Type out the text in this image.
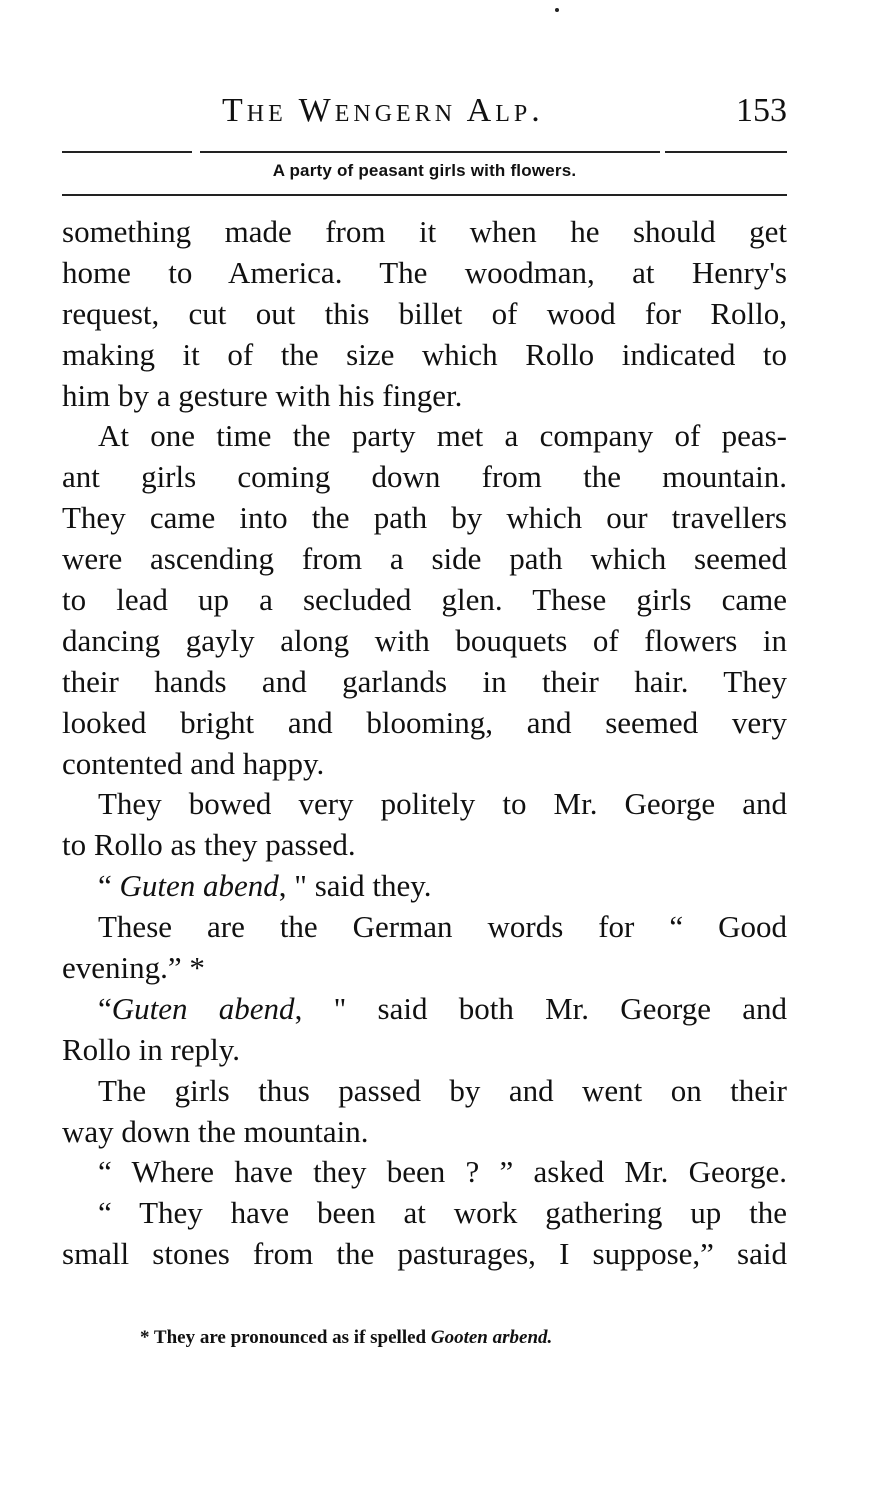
The Wengern Alp.	153
A party of peasant girls with flowers.
something made from it when he should get
home to America. The woodman, at Henry's
request, cut out this billet of wood for Rollo,
making it of the size which Rollo indicated to
him by a gesture with his finger.
At one time the party met a company of peas-
ant girls coming down from the mountain.
They came into the path by which our travellers
were ascending from a side path which seemed
to lead up a secluded glen. These girls came
dancing gayly along with bouquets of flowers in
their hands and garlands in their hair. They
looked bright and blooming, and seemed very
contented and happy.
They bowed very politely to Mr. George and
to Rollo as they passed.
“ Guten abend, " said they.
These are the German words for “ Good
evening.” *
“Guten abend, " said both Mr. George and
Rollo in reply.
The girls thus passed by and went on their
way down the mountain.
“ Where have they been ? ” asked Mr. George.
“ They have been at work gathering up the
small stones from the pasturages, I suppose,” said
* They are pronounced as if spelled Gooten arbend.
